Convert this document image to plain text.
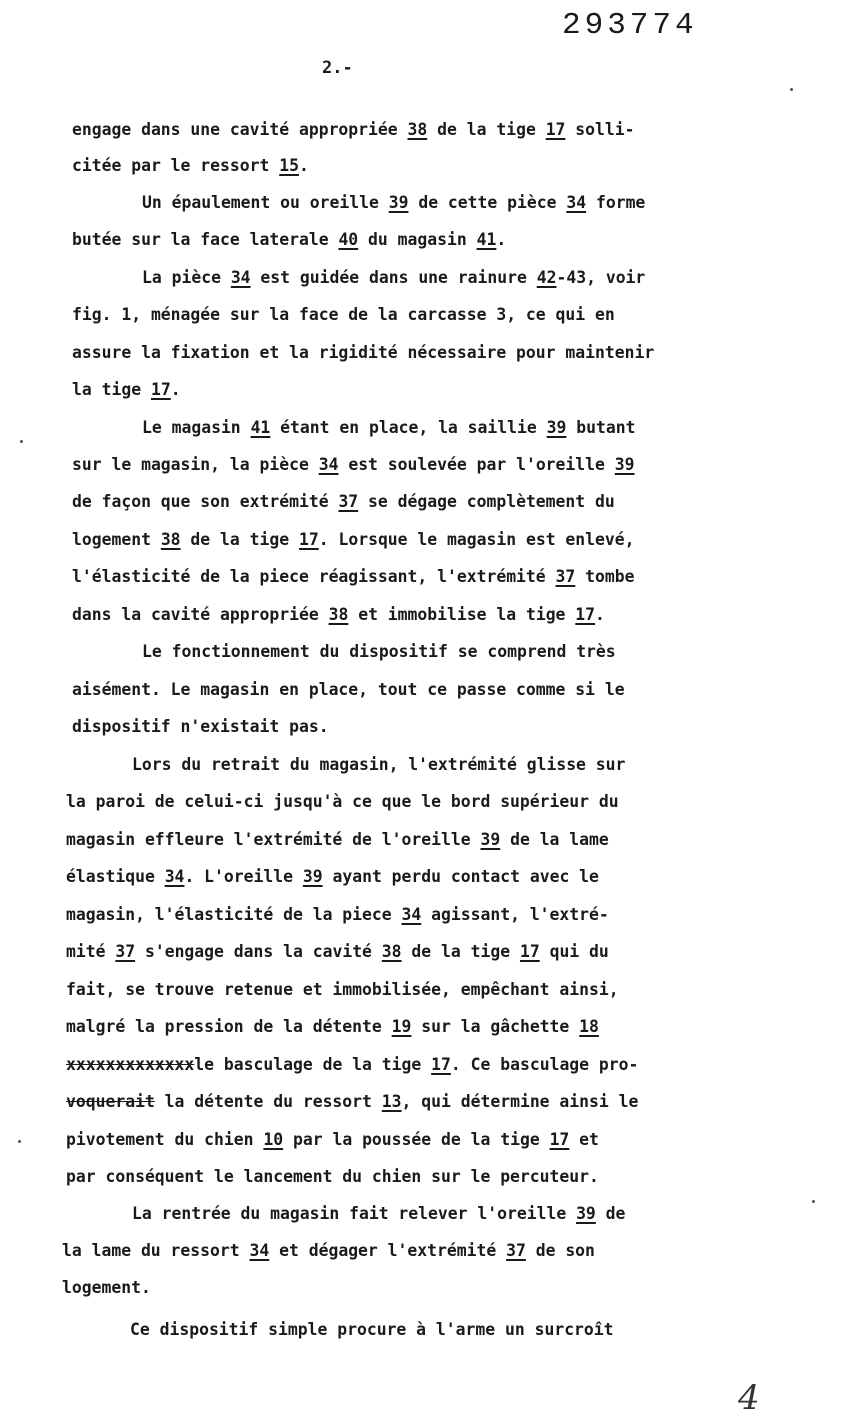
293774
2.-
engage dans une cavité appropriée 38 de la tige 17 solli-
citée par le ressort 15.
Un épaulement ou oreille 39 de cette pièce 34 forme
butée sur la face laterale 40 du magasin 41.
La pièce 34 est guidée dans une rainure 42-43, voir
fig. 1, ménagée sur la face de la carcasse 3, ce qui en
assure la fixation et la rigidité nécessaire pour maintenir
la tige 17.
Le magasin 41 étant en place, la saillie 39 butant
sur le magasin, la pièce 34 est soulevée par l'oreille 39
de façon que son extrémité 37 se dégage complètement du
logement 38 de la tige 17. Lorsque le magasin est enlevé,
l'élasticité de la piece réagissant, l'extrémité 37 tombe
dans la cavité appropriée 38 et immobilise la tige 17.
Le fonctionnement du dispositif se comprend très
aisément. Le magasin en place, tout ce passe comme si le
dispositif n'existait pas.
Lors du retrait du magasin, l'extrémité glisse sur
la paroi de celui-ci jusqu'à ce que le bord supérieur du
magasin effleure l'extrémité de l'oreille 39 de la lame
élastique 34. L'oreille 39 ayant perdu contact avec le
magasin, l'élasticité de la piece 34 agissant, l'extré-
mité 37 s'engage dans la cavité 38 de la tige 17 qui du
fait, se trouve retenue et immobilisée, empêchant ainsi,
malgré la pression de la détente 19 sur la gâchette 18
xxxxxxxxxxxxxle basculage de la tige 17. Ce basculage pro-
voquerait la détente du ressort 13, qui détermine ainsi le
pivotement du chien 10 par la poussée de la tige 17 et
par conséquent le lancement du chien sur le percuteur.
La rentrée du magasin fait relever l'oreille 39 de
la lame du ressort 34 et dégager l'extrémité 37 de son
logement.
Ce dispositif simple procure à l'arme un surcroît
4
